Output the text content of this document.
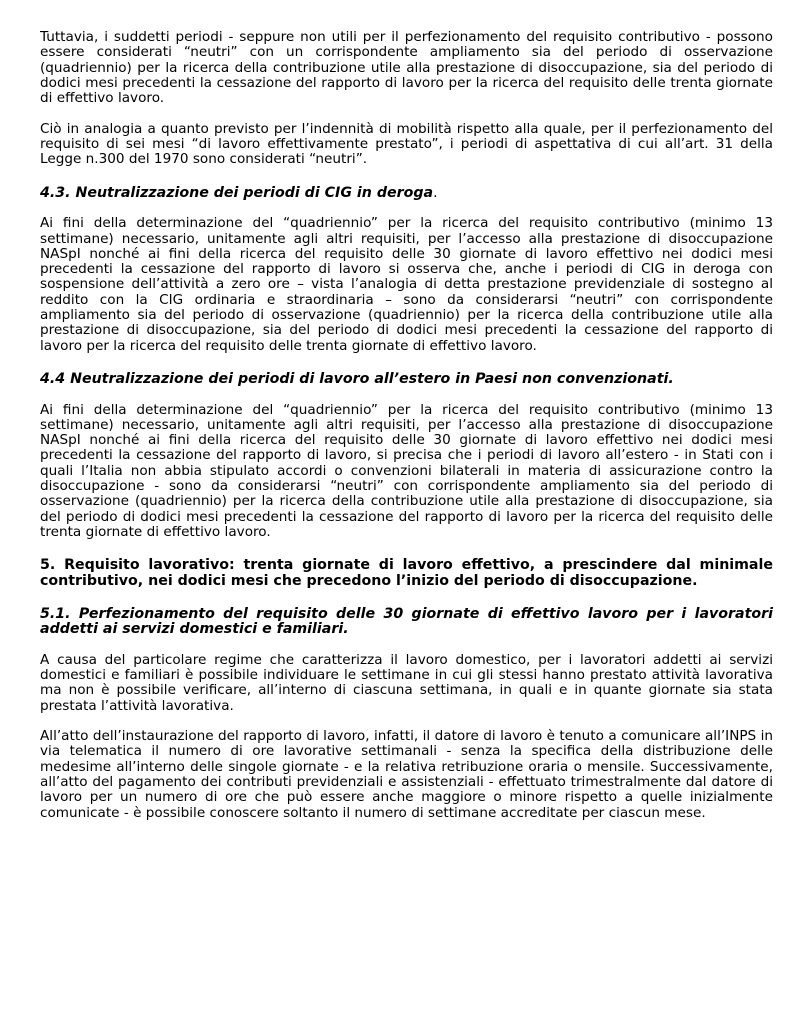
Tuttavia, i suddetti periodi - seppure non utili per il perfezionamento del requisito contributivo - possono essere considerati “neutri” con un corrispondente ampliamento sia del periodo di osservazione (quadriennio) per la ricerca della contribuzione utile alla prestazione di disoccupazione, sia del periodo di dodici mesi precedenti la cessazione del rapporto di lavoro per la ricerca del requisito delle trenta giornate di effettivo lavoro.

Ciò in analogia a quanto previsto per l’indennità di mobilità rispetto alla quale, per il perfezionamento del requisito di sei mesi “di lavoro effettivamente prestato”, i periodi di aspettativa di cui all’art. 31 della Legge n.300 del 1970 sono considerati “neutri”.

4.3. Neutralizzazione dei periodi di CIG in deroga.

Ai fini della determinazione del “quadriennio” per la ricerca del requisito contributivo (minimo 13 settimane) necessario, unitamente agli altri requisiti, per l’accesso alla prestazione di disoccupazione NASpI nonché ai fini della ricerca del requisito delle 30 giornate di lavoro effettivo nei dodici mesi precedenti la cessazione del rapporto di lavoro si osserva che, anche i periodi di CIG in deroga con sospensione dell’attività a zero ore – vista l’analogia di detta prestazione previdenziale di sostegno al reddito con la CIG ordinaria e straordinaria – sono da considerarsi “neutri” con corrispondente ampliamento sia del periodo di osservazione (quadriennio) per la ricerca della contribuzione utile alla prestazione di disoccupazione, sia del periodo di dodici mesi precedenti la cessazione del rapporto di lavoro per la ricerca del requisito delle trenta giornate di effettivo lavoro.

4.4 Neutralizzazione dei periodi di lavoro all’estero in Paesi non convenzionati.

Ai fini della determinazione del “quadriennio” per la ricerca del requisito contributivo (minimo 13 settimane) necessario, unitamente agli altri requisiti, per l’accesso alla prestazione di disoccupazione NASpI nonché ai fini della ricerca del requisito delle 30 giornate di lavoro effettivo nei dodici mesi precedenti la cessazione del rapporto di lavoro, si precisa che i periodi di lavoro all’estero - in Stati con i quali l’Italia non abbia stipulato accordi o convenzioni bilaterali in materia di assicurazione contro la disoccupazione - sono da considerarsi “neutri” con corrispondente ampliamento sia del periodo di osservazione (quadriennio) per la ricerca della contribuzione utile alla prestazione di disoccupazione, sia del periodo di dodici mesi precedenti la cessazione del rapporto di lavoro per la ricerca del requisito delle trenta giornate di effettivo lavoro.

5. Requisito lavorativo: trenta giornate di lavoro effettivo, a prescindere dal minimale contributivo, nei dodici mesi che precedono l’inizio del periodo di disoccupazione.

5.1. Perfezionamento del requisito delle 30 giornate di effettivo lavoro per i lavoratori addetti ai servizi domestici e familiari.

A causa del particolare regime che caratterizza il lavoro domestico, per i lavoratori addetti ai servizi domestici e familiari è possibile individuare le settimane in cui gli stessi hanno prestato attività lavorativa ma non è possibile verificare, all’interno di ciascuna settimana, in quali e in quante giornate sia stata prestata l’attività lavorativa.

All’atto dell’instaurazione del rapporto di lavoro, infatti, il datore di lavoro è tenuto a comunicare all’INPS in via telematica il numero di ore lavorative settimanali - senza la specifica della distribuzione delle medesime all’interno delle singole giornate - e la relativa retribuzione oraria o mensile. Successivamente, all’atto del pagamento dei contributi previdenziali e assistenziali - effettuato trimestralmente dal datore di lavoro per un numero di ore che può essere anche maggiore o minore rispetto a quelle inizialmente comunicate - è possibile conoscere soltanto il numero di settimane accreditate per ciascun mese.
